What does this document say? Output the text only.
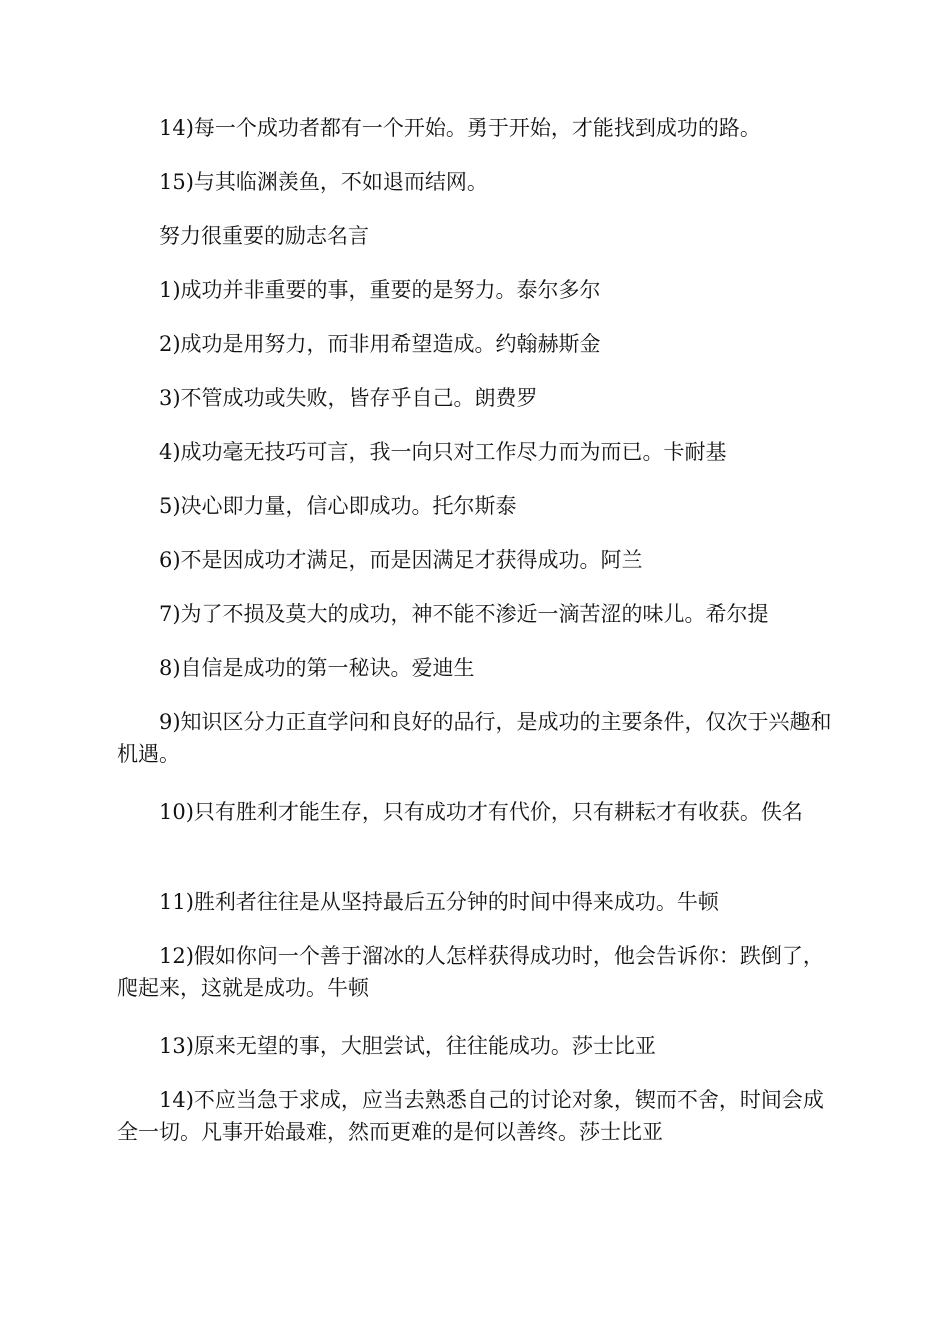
14)每一个成功者都有一个开始。勇于开始，才能找到成功的路。

15)与其临渊羡鱼，不如退而结网。

努力很重要的励志名言

1)成功并非重要的事，重要的是努力。泰尔多尔

2)成功是用努力，而非用希望造成。约翰赫斯金

3)不管成功或失败，皆存乎自己。朗费罗

4)成功毫无技巧可言，我一向只对工作尽力而为而已。卡耐基

5)决心即力量，信心即成功。托尔斯泰

6)不是因成功才满足，而是因满足才获得成功。阿兰

7)为了不损及莫大的成功，神不能不渗近一滴苦涩的味儿。希尔提

8)自信是成功的第一秘诀。爱迪生

9)知识区分力正直学问和良好的品行，是成功的主要条件，仅次于兴趣和机遇。

10)只有胜利才能生存，只有成功才有代价，只有耕耘才有收获。佚名

11)胜利者往往是从坚持最后五分钟的时间中得来成功。牛顿

12)假如你问一个善于溜冰的人怎样获得成功时，他会告诉你：跌倒了，爬起来，这就是成功。牛顿

13)原来无望的事，大胆尝试，往往能成功。莎士比亚

14)不应当急于求成，应当去熟悉自己的讨论对象，锲而不舍，时间会成全一切。凡事开始最难，然而更难的是何以善终。莎士比亚
